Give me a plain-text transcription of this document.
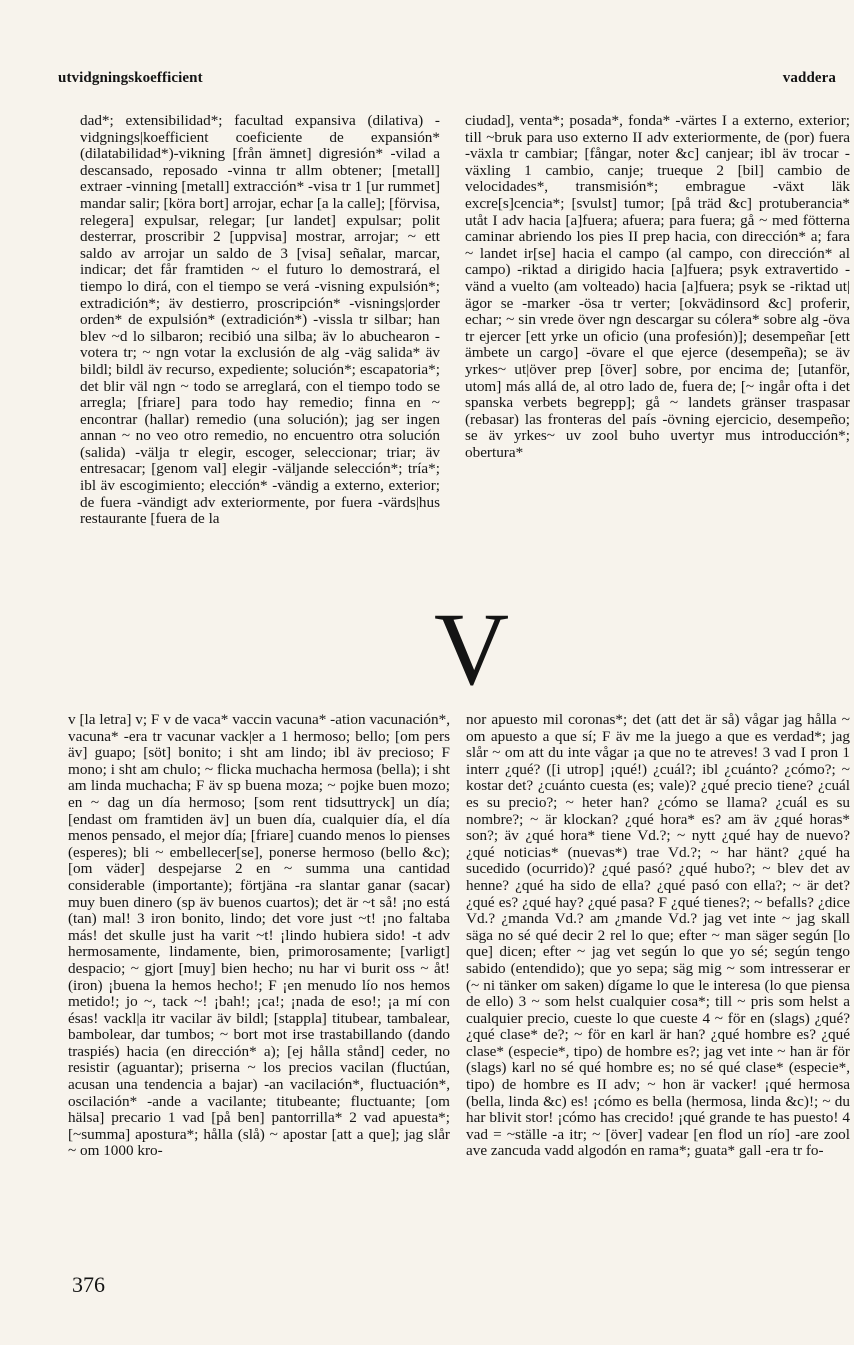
utvidgningskoefficient	vaddera

dad*; extensibilidad*; facultad expansiva (dilativa) -vidgnings|koefficient coeficiente de expansión*(dilatabilidad*)-vikning [från ämnet] digresión* -vilad a descansado, reposado -vinna tr allm obtener; [metall] extraer -vinning [metall] extracción* -visa tr 1 [ur rummet] mandar salir; [köra bort] arrojar, echar [a la calle]; [förvisa, relegera] expulsar, relegar; [ur landet] expulsar; polit desterrar, proscribir 2 [uppvisa] mostrar, arrojar; ~ ett saldo av arrojar un saldo de 3 [visa] señalar, marcar, indicar; det får framtiden ~ el futuro lo demostrará, el tiempo lo dirá, con el tiempo se verá -visning expulsión*; extradición*; äv destierro, proscripción* -visnings|order orden* de expulsión* (extradición*) -vissla tr silbar; han blev ~d lo silbaron; recibió una silba; äv lo abuchearon -votera tr; ~ ngn votar la exclusión de alg -väg salida* äv bildl; bildl äv recurso, expediente; solución*; escapatoria*; det blir väl ngn ~ todo se arreglará, con el tiempo todo se arregla; [friare] para todo hay remedio; finna en ~ encontrar (hallar) remedio (una solución); jag ser ingen annan ~ no veo otro remedio, no encuentro otra solución (salida) -välja tr elegir, escoger, seleccionar; triar; äv entresacar; [genom val] elegir -väljande selección*; tría*; ibl äv escogimiento; elección* -vändig a externo, exterior; de fuera -vändigt adv exteriormente, por fuera -värds|hus restaurante [fuera de la

ciudad], venta*; posada*, fonda* -värtes I a externo, exterior; till ~bruk para uso externo II adv exteriormente, de (por) fuera -växla tr cambiar; [fångar, noter &c] canjear; ibl äv trocar -växling 1 cambio, canje; trueque 2 [bil] cambio de velocidades*, transmisión*; embrague -växt läk excre[s]cencia*; [svulst] tumor; [på träd &c] protuberancia* utåt I adv hacia [a]fuera; afuera; para fuera; gå ~ med fötterna caminar abriendo los pies II prep hacia, con dirección* a; fara ~ landet ir[se] hacia el campo (al campo, con dirección* al campo) -riktad a dirigido hacia [a]fuera; psyk extravertido -vänd a vuelto (am volteado) hacia [a]fuera; psyk se -riktad ut|ägor se -marker -ösa tr verter; [okvädinsord &c] proferir, echar; ~ sin vrede över ngn descargar su cólera* sobre alg -öva tr ejercer [ett yrke un oficio (una profesión)]; desempeñar [ett ämbete un cargo] -övare el que ejerce (desempeña); se äv yrkes~ ut|över prep [över] sobre, por encima de; [utanför, utom] más allá de, al otro lado de, fuera de; [~ ingår ofta i det spanska verbets begrepp]; gå ~ landets gränser traspasar (rebasar) las fronteras del país -övning ejercicio, desempeño; se äv yrkes~ uv zool buho uvertyr mus introducción*; obertura*

V

v [la letra] v; F v de vaca* vaccin vacuna* -ation vacunación*, vacuna* -era tr vacunar vack|er a 1 hermoso; bello; [om pers äv] guapo; [söt] bonito; i sht am lindo; ibl äv precioso; F mono; i sht am chulo; ~ flicka muchacha hermosa (bella); i sht am linda muchacha; F äv sp buena moza; ~ pojke buen mozo; en ~ dag un día hermoso; [som rent tidsuttryck] un día; [endast om framtiden äv] un buen día, cualquier día, el día menos pensado, el mejor día; [friare] cuando menos lo pienses (esperes); bli ~ embellecer[se], ponerse hermoso (bello &c); [om väder] despejarse 2 en ~ summa una cantidad considerable (importante); förtjäna -ra slantar ganar (sacar) muy buen dinero (sp äv buenos cuartos); det är ~t så! ¡no está (tan) mal! 3 iron bonito, lindo; det vore just ~t! ¡no faltaba más! det skulle just ha varit ~t! ¡lindo hubiera sido! -t adv hermosamente, lindamente, bien, primorosamente; [varligt] despacio; ~ gjort [muy] bien hecho; nu har vi burit oss ~ åt! (iron) ¡buena la hemos hecho!; F ¡en menudo lío nos hemos metido!; jo ~, tack ~! ¡bah!; ¡ca!; ¡nada de eso!; ¡a mí con ésas! vackl|a itr vacilar äv bildl; [stappla] titubear, tambalear, bambolear, dar tumbos; ~ bort mot irse trastabillando (dando traspiés) hacia (en dirección* a); [ej hålla stånd] ceder, no resistir (aguantar); priserna ~ los precios vacilan (fluctúan, acusan una tendencia a bajar) -an vacilación*, fluctuación*, oscilación* -ande a vacilante; titubeante; fluctuante; [om hälsa] precario 1 vad [på ben] pantorrilla* 2 vad apuesta*; [~summa] apostura*; hålla (slå) ~ apostar [att a que]; jag slår ~ om 1000 kro-

nor apuesto mil coronas*; det (att det är så) vågar jag hålla ~ om apuesto a que sí; F äv me la juego a que es verdad*; jag slår ~ om att du inte vågar ¡a que no te atreves! 3 vad I pron 1 interr ¿qué? ([i utrop] ¡qué!) ¿cuál?; ibl ¿cuánto? ¿cómo?; ~ kostar det? ¿cuánto cuesta (es; vale)? ¿qué precio tiene? ¿cuál es su precio?; ~ heter han? ¿cómo se llama? ¿cuál es su nombre?; ~ är klockan? ¿qué hora* es? am äv ¿qué horas* son?; äv ¿qué hora* tiene Vd.?; ~ nytt ¿qué hay de nuevo? ¿qué noticias* (nuevas*) trae Vd.?; ~ har hänt? ¿qué ha sucedido (ocurrido)? ¿qué pasó? ¿qué hubo?; ~ blev det av henne? ¿qué ha sido de ella? ¿qué pasó con ella?; ~ är det? ¿qué es? ¿qué hay? ¿qué pasa? F ¿qué tienes?; ~ befalls? ¿dice Vd.? ¿manda Vd.? am ¿mande Vd.? jag vet inte ~ jag skall säga no sé qué decir 2 rel lo que; efter ~ man säger según [lo que] dicen; efter ~ jag vet según lo que yo sé; según tengo sabido (entendido); que yo sepa; säg mig ~ som intresserar er (~ ni tänker om saken) dígame lo que le interesa (lo que piensa de ello) 3 ~ som helst cualquier cosa*; till ~ pris som helst a cualquier precio, cueste lo que cueste 4 ~ för en (slags) ¿qué? ¿qué clase* de?; ~ för en karl är han? ¿qué hombre es? ¿qué clase* (especie*, tipo) de hombre es?; jag vet inte ~ han är för (slags) karl no sé qué hombre es; no sé qué clase* (especie*, tipo) de hombre es II adv; ~ hon är vacker! ¡qué hermosa (bella, linda &c) es! ¡cómo es bella (hermosa, linda &c)!; ~ du har blivit stor! ¡cómo has crecido! ¡qué grande te has puesto! 4 vad = ~ställe -a itr; ~ [över] vadear [en flod un río] -are zool ave zancuda vadd algodón en rama*; guata* gall -era tr fo-

376
